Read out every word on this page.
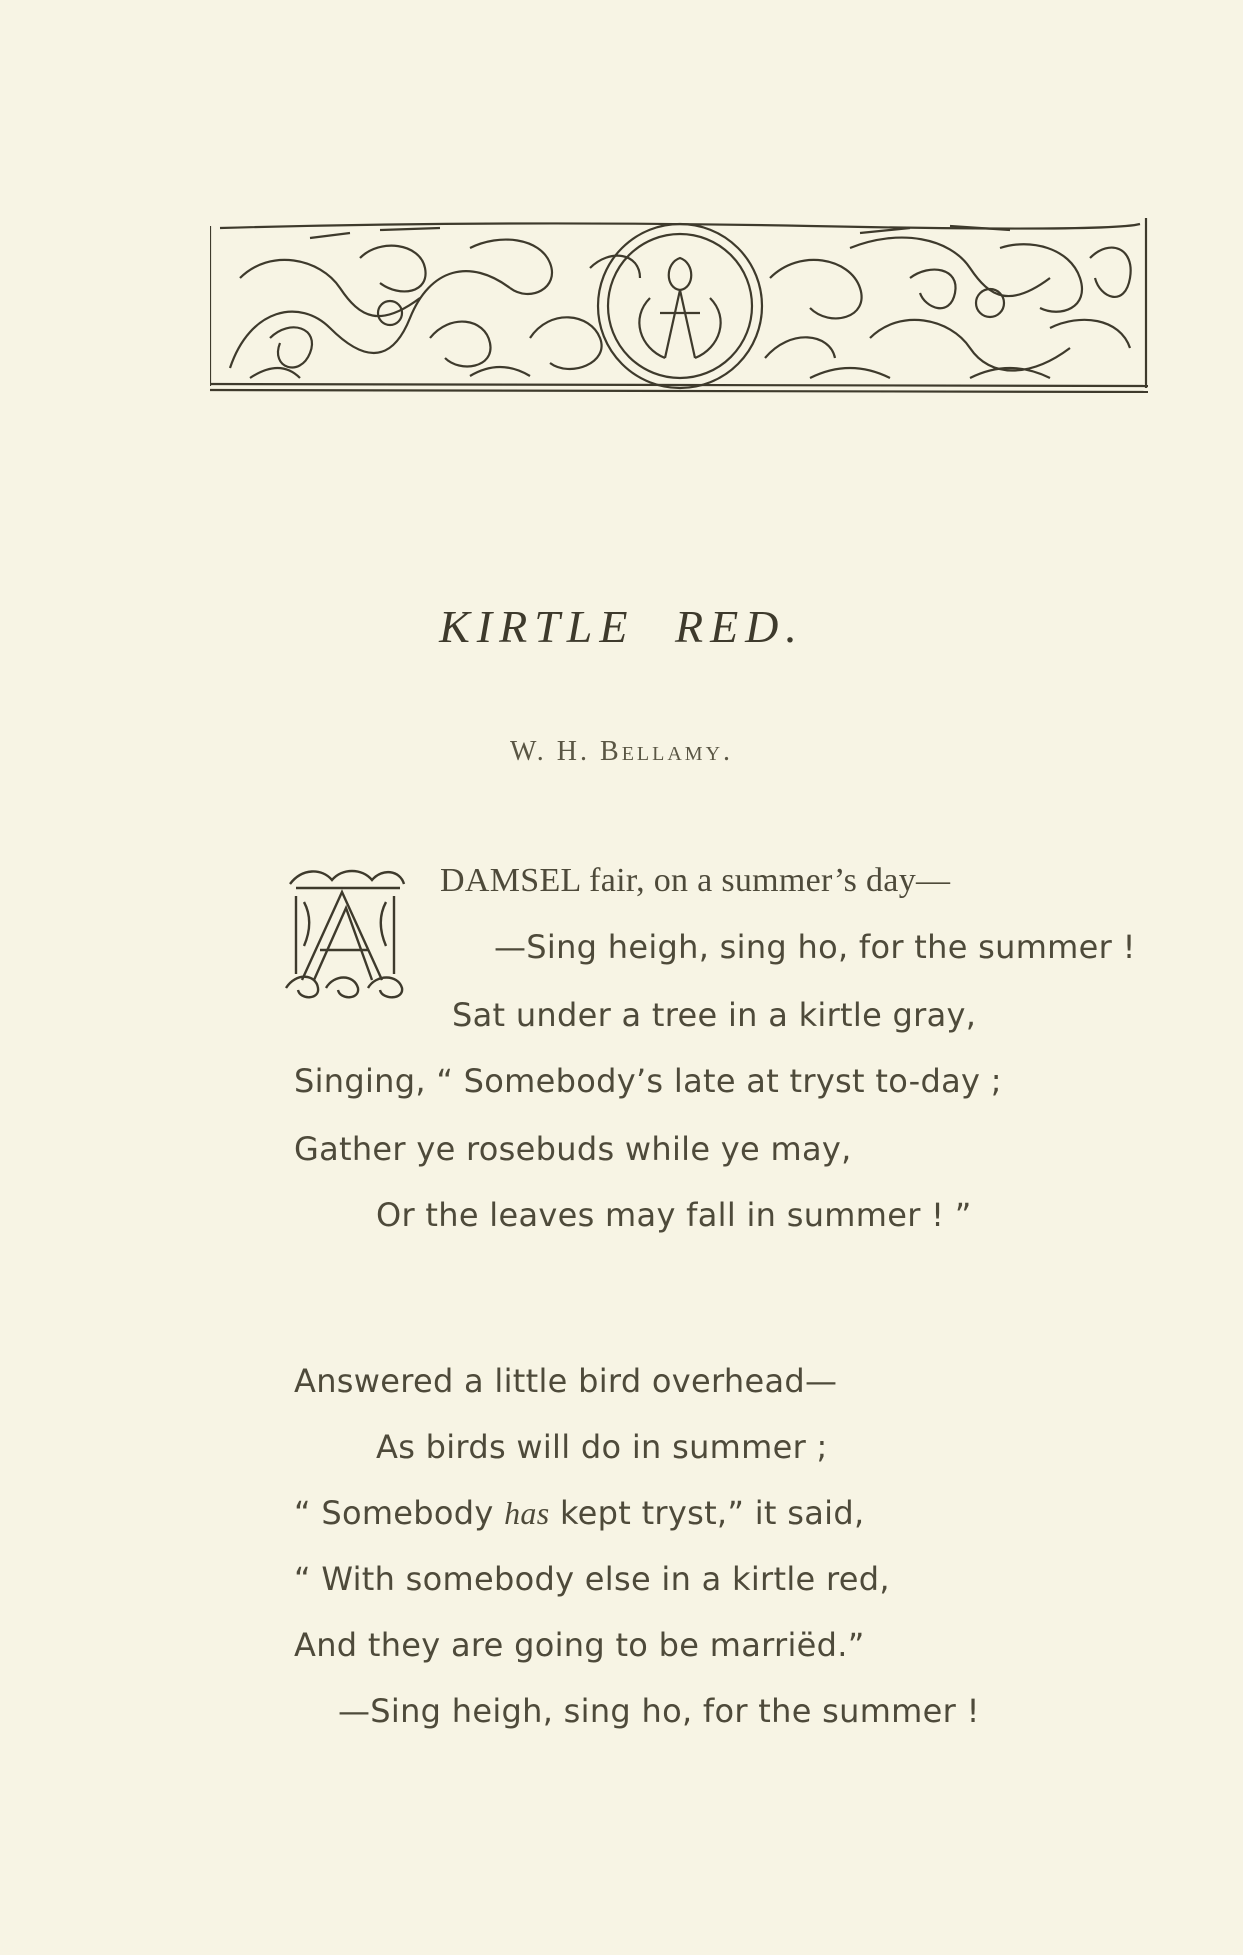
KIRTLE RED.
W. H. Bellamy.
DAMSEL fair, on a summer’s day—
—Sing heigh, sing ho, for the summer !
Sat under a tree in a kirtle gray,
Singing, “ Somebody’s late at tryst to-day ;
Gather ye rosebuds while ye may,
Or the leaves may fall in summer ! ”
Answered a little bird overhead—
As birds will do in summer ;
“ Somebody has kept tryst,” it said,
“ With somebody else in a kirtle red,
And they are going to be marriëd.”
—Sing heigh, sing ho, for the summer !
